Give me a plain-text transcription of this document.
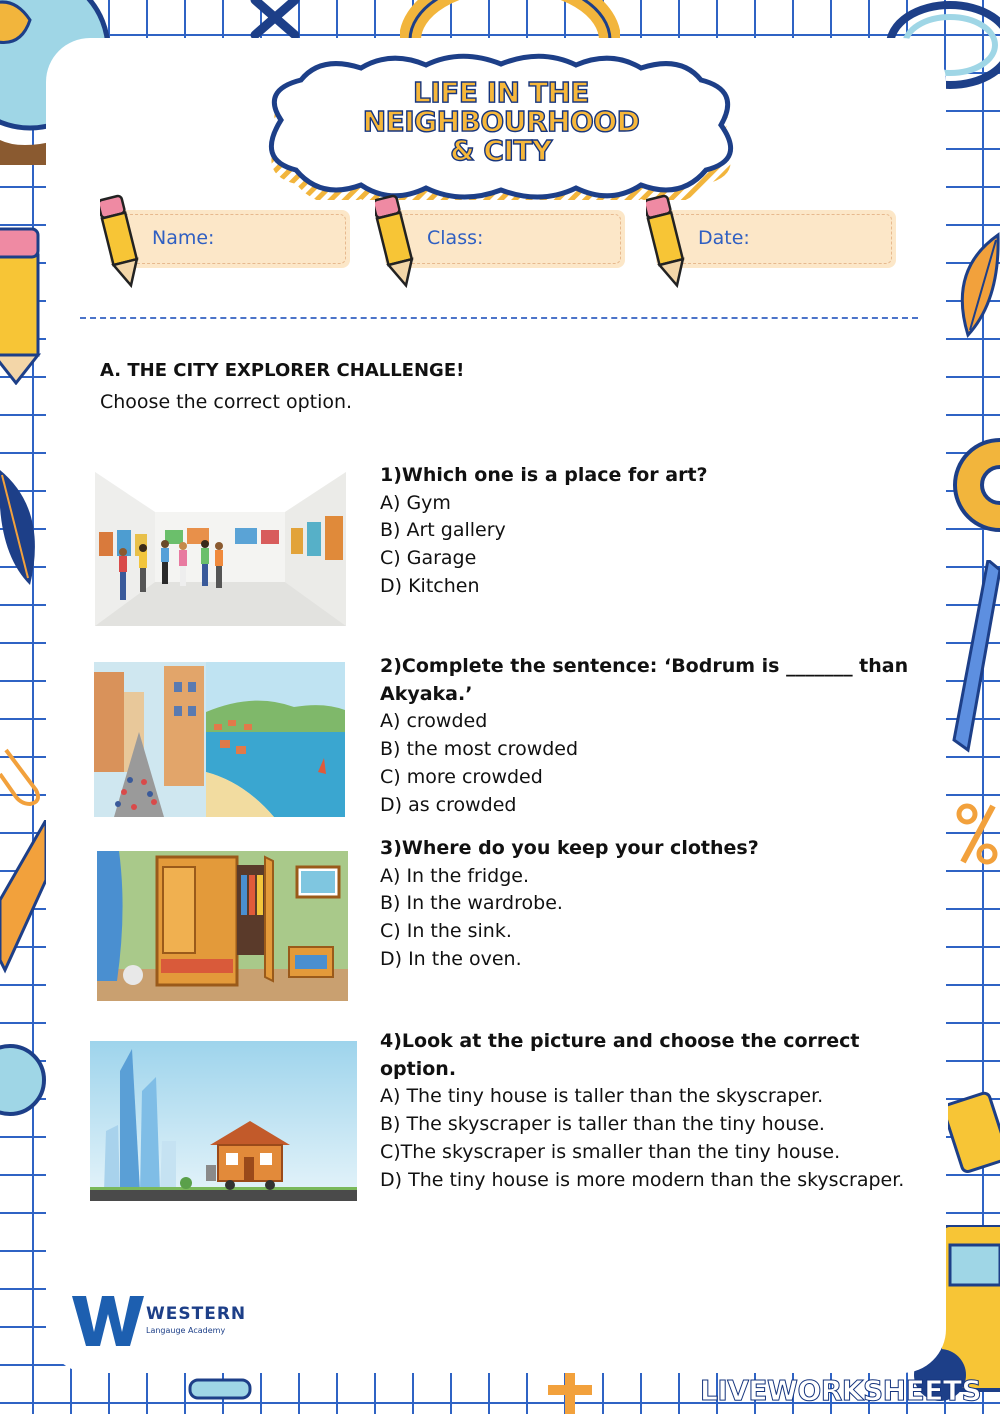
LIFE IN THE
NEIGHBOURHOOD
& CITY
Name:	Class:	Date:
A. THE CITY EXPLORER CHALLENGE!
Choose the correct option.
1)Which one is a place for art?
A) Gym
B) Art gallery
C) Garage
D) Kitchen
2)Complete the sentence: ‘Bodrum is _______ than Akyaka.’
A) crowded
B) the most crowded
C) more crowded
D) as crowded
3)Where do you keep your clothes?
A) In the fridge.
B) In the wardrobe.
C) In the sink.
D) In the oven.
4)Look at the picture and choose the correct option.
A) The tiny house is taller than the skyscraper.
B) The skyscraper is taller than the tiny house.
C)The skyscraper is smaller than the tiny house.
D) The tiny house is more modern than the skyscraper.
WESTERN
Langauge Academy
LIVEWORKSHEETS
